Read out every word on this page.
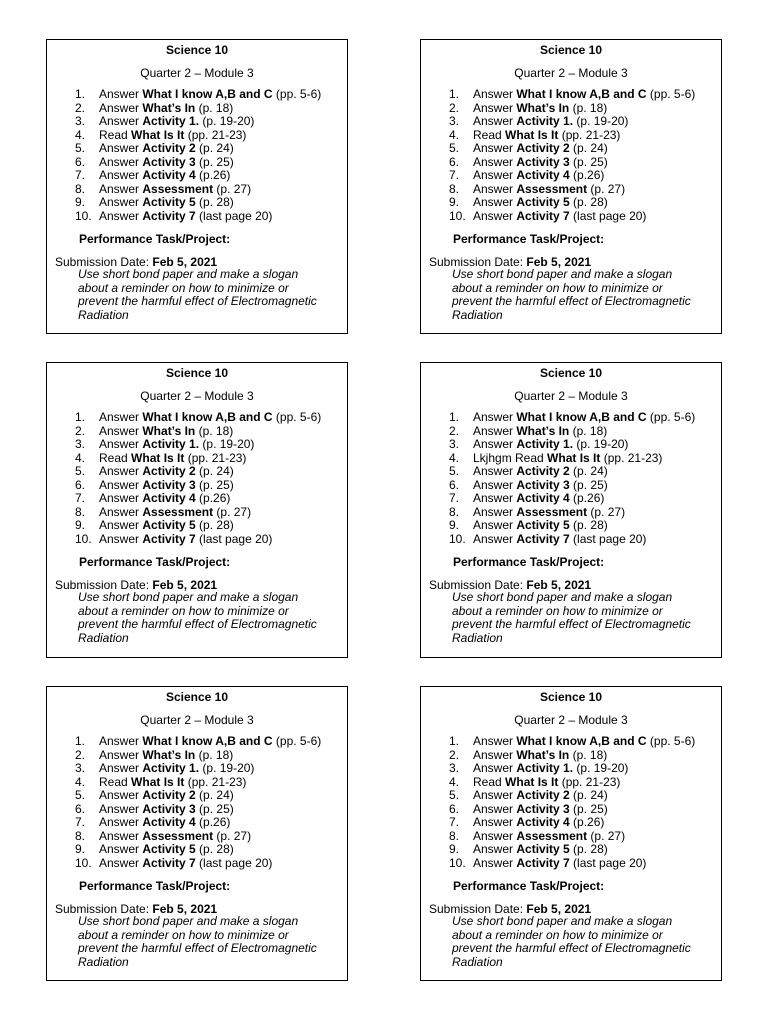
Science 10
Quarter 2 – Module 3
1. Answer What I know A,B and C (pp. 5-6)
2. Answer What’s In (p. 18)
3. Answer Activity 1. (p. 19-20)
4. Read What Is It (pp. 21-23)
5. Answer Activity 2 (p. 24)
6. Answer Activity 3 (p. 25)
7. Answer Activity 4 (p.26)
8. Answer Assessment (p. 27)
9. Answer Activity 5 (p. 28)
10. Answer Activity 7 (last page 20)
Performance Task/Project:
Submission Date: Feb 5, 2021
Use short bond paper and make a slogan
about a reminder on how to minimize or
prevent the harmful effect of Electromagnetic
Radiation
Science 10
Quarter 2 – Module 3
1. Answer What I know A,B and C (pp. 5-6)
2. Answer What’s In (p. 18)
3. Answer Activity 1. (p. 19-20)
4. Read What Is It (pp. 21-23)
5. Answer Activity 2 (p. 24)
6. Answer Activity 3 (p. 25)
7. Answer Activity 4 (p.26)
8. Answer Assessment (p. 27)
9. Answer Activity 5 (p. 28)
10. Answer Activity 7 (last page 20)
Performance Task/Project:
Submission Date: Feb 5, 2021
Use short bond paper and make a slogan
about a reminder on how to minimize or
prevent the harmful effect of Electromagnetic
Radiation
Science 10
Quarter 2 – Module 3
1. Answer What I know A,B and C (pp. 5-6)
2. Answer What’s In (p. 18)
3. Answer Activity 1. (p. 19-20)
4. Read What Is It (pp. 21-23)
5. Answer Activity 2 (p. 24)
6. Answer Activity 3 (p. 25)
7. Answer Activity 4 (p.26)
8. Answer Assessment (p. 27)
9. Answer Activity 5 (p. 28)
10. Answer Activity 7 (last page 20)
Performance Task/Project:
Submission Date: Feb 5, 2021
Use short bond paper and make a slogan
about a reminder on how to minimize or
prevent the harmful effect of Electromagnetic
Radiation
Science 10
Quarter 2 – Module 3
1. Answer What I know A,B and C (pp. 5-6)
2. Answer What’s In (p. 18)
3. Answer Activity 1. (p. 19-20)
4. Lkjhgm Read What Is It (pp. 21-23)
5. Answer Activity 2 (p. 24)
6. Answer Activity 3 (p. 25)
7. Answer Activity 4 (p.26)
8. Answer Assessment (p. 27)
9. Answer Activity 5 (p. 28)
10. Answer Activity 7 (last page 20)
Performance Task/Project:
Submission Date: Feb 5, 2021
Use short bond paper and make a slogan
about a reminder on how to minimize or
prevent the harmful effect of Electromagnetic
Radiation
Science 10
Quarter 2 – Module 3
1. Answer What I know A,B and C (pp. 5-6)
2. Answer What’s In (p. 18)
3. Answer Activity 1. (p. 19-20)
4. Read What Is It (pp. 21-23)
5. Answer Activity 2 (p. 24)
6. Answer Activity 3 (p. 25)
7. Answer Activity 4 (p.26)
8. Answer Assessment (p. 27)
9. Answer Activity 5 (p. 28)
10. Answer Activity 7 (last page 20)
Performance Task/Project:
Submission Date: Feb 5, 2021
Use short bond paper and make a slogan
about a reminder on how to minimize or
prevent the harmful effect of Electromagnetic
Radiation
Science 10
Quarter 2 – Module 3
1. Answer What I know A,B and C (pp. 5-6)
2. Answer What’s In (p. 18)
3. Answer Activity 1. (p. 19-20)
4. Read What Is It (pp. 21-23)
5. Answer Activity 2 (p. 24)
6. Answer Activity 3 (p. 25)
7. Answer Activity 4 (p.26)
8. Answer Assessment (p. 27)
9. Answer Activity 5 (p. 28)
10. Answer Activity 7 (last page 20)
Performance Task/Project:
Submission Date: Feb 5, 2021
Use short bond paper and make a slogan
about a reminder on how to minimize or
prevent the harmful effect of Electromagnetic
Radiation
